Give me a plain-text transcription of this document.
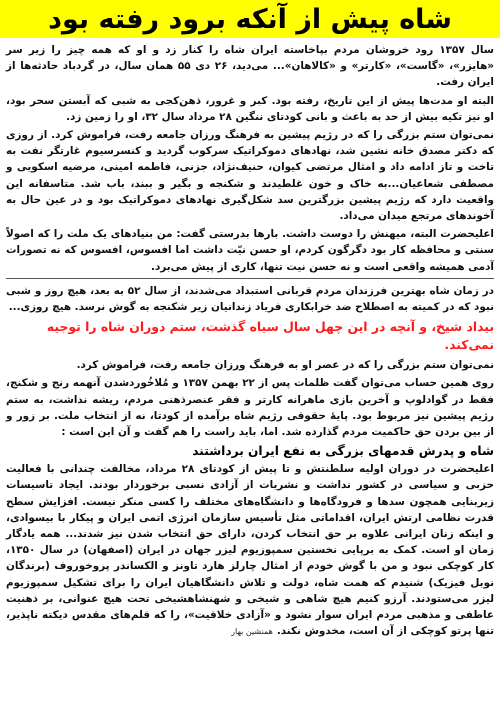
شاه پیش از آنکه برود رفته بود

سال ۱۳۵۷ رود خروشان مردم بپاخاسته ایران شاه را کنار زد و او که همه چیز را زیر سر «هایزر»، «گاست»، «کارتر» و «کالاهان»... می‌دید، ۲۶ دی ۵۵ همان سال، در گردباد حادثه‌ها از ایران رفت.

البته او مدت‌ها پیش از این تاریخ، رفته بود. کبر و غرور، ذهن‌کجی به شبی که آبستن سحر بود، او نیز تکیه بیش از حد به باعث و بانی کودتای ننگین ۲۸ مرداد سال ۳۲، او را زمین زد.

نمی‌توان ستم بزرگی را که در رژیم پیشین به فرهنگ ورزان جامعه رفت، فراموش کرد. از روزی که دکتر مصدق خانه نشین شد، نهادهای دموکراتیک سرکوب گردید و کنسرسیوم غارتگر نفت به تاخت و تاز ادامه داد و امثال مرتضی کیوان، حنیف‌نژاد، جزنی، فاطمه امینی، مرضیه اسکویی و مصطفی شعاعیان...به خاک و خون غلطیدند و شکنجه و بگیر و ببند، باب شد. متاسفانه این واقعیت دارد که رژیم پیشین بزرگترین سد شکل‌گیری نهادهای دموکراتیک بود و در عین حال به آخوندهای مرتجع میدان می‌داد.

اعلیحضرت البته، میهنش را دوست داشت. بارها بدرستی گفت: من بنیادهای یک ملت را که اصولاً سنتی و محافظه کار بود دگرگون کردم، او حسن نیّت داشت اما افسوس، افسوس که نه تصورات آدمی همیشه واقعی است و نه حسن نیت تنها، کاری از پیش می‌برد.

در زمان شاه بهترین فرزندان مردم قربانی استبداد می‌شدند، از سال ۵۲ به بعد، هیچ روز و شبی نبود که در کمیته به اصطلاح ضد خرابکاری فریاد زندانیان زیر شکنجه به گوش نرسد. هیچ روزی...

بیداد شیخ، و آنچه در این چهل سال سیاه گذشت، ستم دوران شاه را توجیه نمی‌کند.

نمی‌توان ستم بزرگی را که در عصر او به فرهنگ ورزان جامعه رفت، فراموش کرد.

روی همین حساب می‌توان گفت ظلمات پس از ۲۲ بهمن ۱۳۵۷ و مُلاخُوردشدن آنهمه رنج و شکنج، فقط در گوادلوپ و آخرین بازی ماهرانه کارتر و فقر عنصرذهنی مردم، ریشه نداشت، به ستم رژیم پیشین نیز مربوط بود. پایهٔ حقوقی رژیم شاه برآمده از کودتا، نه از انتخاب ملت. بر زور و از بین بردن حق حاکمیت مردم گذارده شد. اما، باید راست را هم گفت و آن این است :

شاه و پدرش قدمهای بزرگی به نفع ایران برداشتند

اعلیحضرت در دوران اولیه سلطنتش و تا پیش از کودتای ۲۸ مرداد، مخالفت چندانی با فعالیت حزبی و سیاسی در کشور نداشت و نشریات از آزادی نسبی برخوردار بودند. ایجاد تاسیسات زیربنایی همچون سدها و فرودگاه‌ها و دانشگاه‌های مختلف را کسی منکر نیست. افزایش سطح قدرت نظامی ارتش ایران، اقداماتی مثل تأسیس سازمان انرژی اتمی ایران و پیکار با بیسوادی، و اینکه زنان ایرانی علاوه بر حق انتخاب کردن، دارای حق انتخاب شدن نیز شدند... همه یادگار زمان او است. کمک به برپایی نخستین سمپوزیوم لیزر جهان در ایران (اصفهان) در سال ۱۳۵۰، کار کوچکی نبود و من با گوش خودم از امثال چارلز هارد تاونز و الکساندر پروخوروف (برندگان نوبل فیزیک) شنیدم که همت شاه، دولت و تلاش دانشگاهیان ایران را برای تشکیل سمپوزیوم لیزر می‌ستودند. آرزو کنیم هیچ شاهی و شیخی و شهنشاهشیخی تحت هیچ عنوانی، بر ذهنیت عاطفی و مذهبی مردم ایران سوار نشود و «آزادی خلاقیت»، را که قلم‌های مقدس دیکته ناپذیر، تنها پرتو کوچکی از آن است، مخدوش نکند.همنشین بهار
